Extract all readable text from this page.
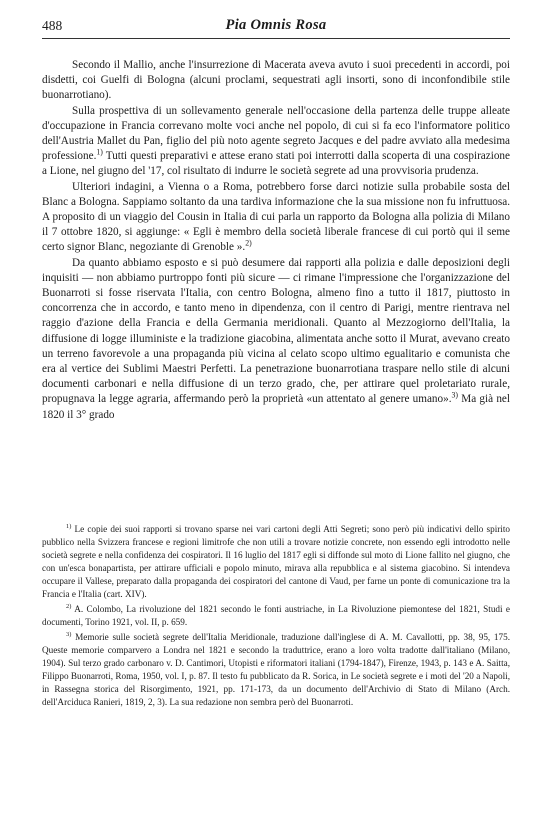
488	Pia Omnis Rosa

Secondo il Mallio, anche l'insurrezione di Macerata aveva avuto i suoi precedenti in accordi, poi disdetti, coi Guelfi di Bologna (alcuni proclami, sequestrati agli insorti, sono di inconfondibile stile buonarrotiano).

Sulla prospettiva di un sollevamento generale nell'occasione della partenza delle truppe alleate d'occupazione in Francia correvano molte voci anche nel popolo, di cui si fa eco l'informatore politico dell'Austria Mallet du Pan, figlio del più noto agente segreto Jacques e del padre avviato alla medesima professione.$^{1)}$ Tutti questi preparativi e attese erano stati poi interrotti dalla scoperta di una cospirazione a Lione, nel giugno del '17, col risultato di indurre le società segrete ad una provvisoria prudenza.

Ulteriori indagini, a Vienna o a Roma, potrebbero forse darci notizie sulla probabile sosta del Blanc a Bologna. Sappiamo soltanto da una tardiva informazione che la sua missione non fu infruttuosa. A proposito di un viaggio del Cousin in Italia di cui parla un rapporto da Bologna alla polizia di Milano il 7 ottobre 1820, si aggiunge: « Egli è membro della società liberale francese di cui portò qui il seme certo signor Blanc, negoziante di Grenoble ».$^{2)}$

Da quanto abbiamo esposto e si può desumere dai rapporti alla polizia e dalle deposizioni degli inquisiti — non abbiamo purtroppo fonti più sicure — ci rimane l'impressione che l'organizzazione del Buonarroti si fosse riservata l'Italia, con centro Bologna, almeno fino a tutto il 1817, piuttosto in concorrenza che in accordo, e tanto meno in dipendenza, con il centro di Parigi, mentre rientrava nel raggio d'azione della Francia e della Germania meridionali. Quanto al Mezzogiorno dell'Italia, la diffusione di logge illuministe e la tradizione giacobina, alimentata anche sotto il Murat, avevano creato un terreno favorevole a una propaganda più vicina al celato scopo ultimo egualitario e comunista che era al vertice dei Sublimi Maestri Perfetti. La penetrazione buonarrotiana traspare nello stile di alcuni documenti carbonari e nella diffusione di un terzo grado, che, per attirare quel proletariato rurale, propugnava la legge agraria, affermando però la proprietà «un attentato al genere umano».$^{3)}$ Ma già nel 1820 il 3° grado

$^{1)}$ Le copie dei suoi rapporti si trovano sparse nei vari cartoni degli Atti Segreti; sono però più indicativi dello spirito pubblico nella Svizzera francese e regioni limitrofe che non utili a trovare notizie concrete, non essendo egli introdotto nelle società segrete e nella confidenza dei cospiratori. Il 16 luglio del 1817 egli si diffonde sul moto di Lione fallito nel giugno, che con un'esca bonapartista, per attirare ufficiali e popolo minuto, mirava alla repubblica e al sistema giacobino. Si intendeva occupare il Vallese, preparato dalla propaganda dei cospiratori del cantone di Vaud, per farne un ponte di comunicazione tra la Francia e l'Italia (cart. XIV).

$^{2)}$ A. Colombo, La rivoluzione del 1821 secondo le fonti austriache, in La Rivoluzione piemontese del 1821, Studi e documenti, Torino 1921, vol. II, p. 659.

$^{3)}$ Memorie sulle società segrete dell'Italia Meridionale, traduzione dall'inglese di A. M. Cavallotti, pp. 38, 95, 175. Queste memorie comparvero a Londra nel 1821 e secondo la traduttrice, erano a loro volta tradotte dall'italiano (Milano, 1904). Sul terzo grado carbonaro v. D. Cantimori, Utopisti e riformatori italiani (1794-1847), Firenze, 1943, p. 143 e A. Saitta, Filippo Buonarroti, Roma, 1950, vol. I, p. 87. Il testo fu pubblicato da R. Sorica, in Le società segrete e i moti del '20 a Napoli, in Rassegna storica del Risorgimento, 1921, pp. 171-173, da un documento dell'Archivio di Stato di Milano (Arch. dell'Arciduca Ranieri, 1819, 2, 3). La sua redazione non sembra però del Buonarroti.
